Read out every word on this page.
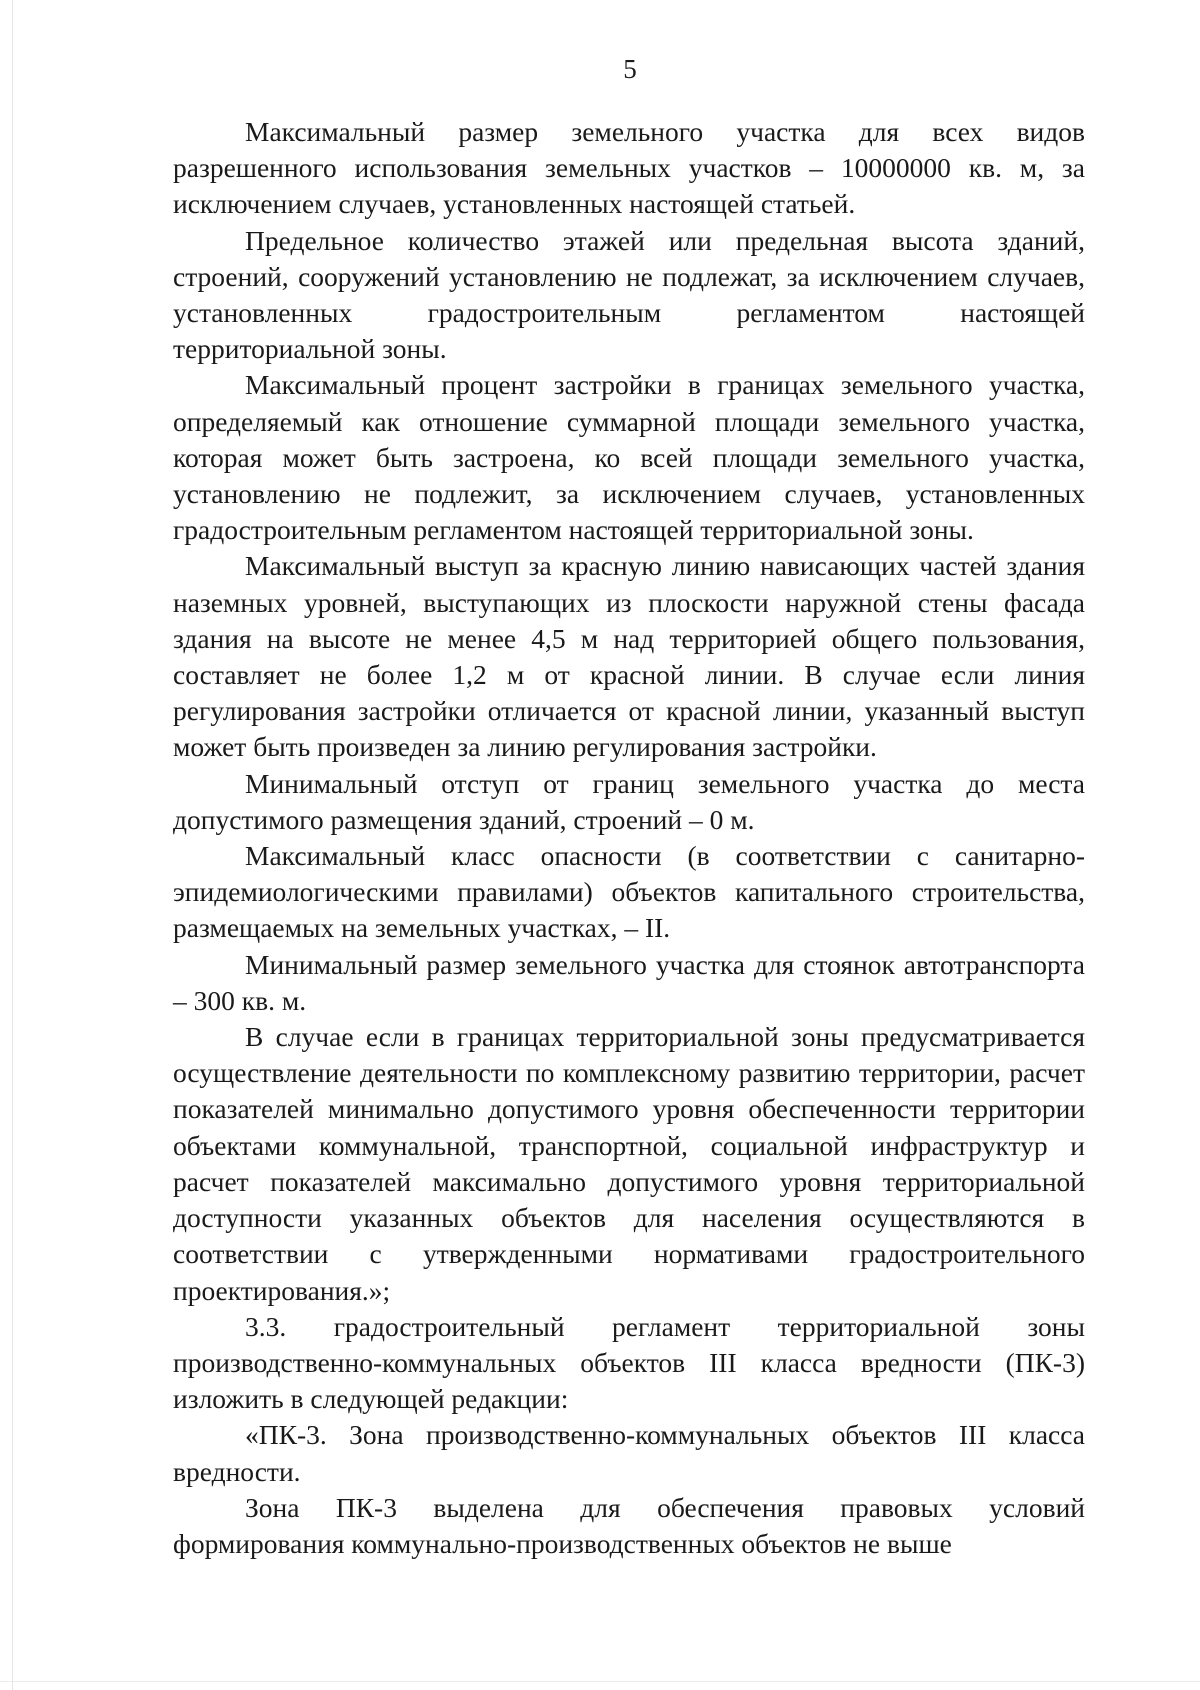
5

Максимальный размер земельного участка для всех видов разрешенного использования земельных участков – 10000000 кв. м, за исключением случаев, установленных настоящей статьей.

Предельное количество этажей или предельная высота зданий, строений, сооружений установлению не подлежат, за исключением случаев, установленных градостроительным регламентом настоящей территориальной зоны.

Максимальный процент застройки в границах земельного участка, определяемый как отношение суммарной площади земельного участка, которая может быть застроена, ко всей площади земельного участка, установлению не подлежит, за исключением случаев, установленных градостроительным регламентом настоящей территориальной зоны.

Максимальный выступ за красную линию нависающих частей здания наземных уровней, выступающих из плоскости наружной стены фасада здания на высоте не менее 4,5 м над территорией общего пользования, составляет не более 1,2 м от красной линии. В случае если линия регулирования застройки отличается от красной линии, указанный выступ может быть произведен за линию регулирования застройки.

Минимальный отступ от границ земельного участка до места допустимого размещения зданий, строений – 0 м.

Максимальный класс опасности (в соответствии с санитарно-эпидемиологическими правилами) объектов капитального строительства, размещаемых на земельных участках, – II.

Минимальный размер земельного участка для стоянок автотранспорта – 300 кв. м.

В случае если в границах территориальной зоны предусматривается осуществление деятельности по комплексному развитию территории, расчет показателей минимально допустимого уровня обеспеченности территории объектами коммунальной, транспортной, социальной инфраструктур и расчет показателей максимально допустимого уровня территориальной доступности указанных объектов для населения осуществляются в соответствии с утвержденными нормативами градостроительного проектирования.»;

3.3. градостроительный регламент территориальной зоны производственно-коммунальных объектов III класса вредности (ПК-3) изложить в следующей редакции:

«ПК-3. Зона производственно-коммунальных объектов III класса вредности.

Зона ПК-3 выделена для обеспечения правовых условий формирования коммунально-производственных объектов не выше
